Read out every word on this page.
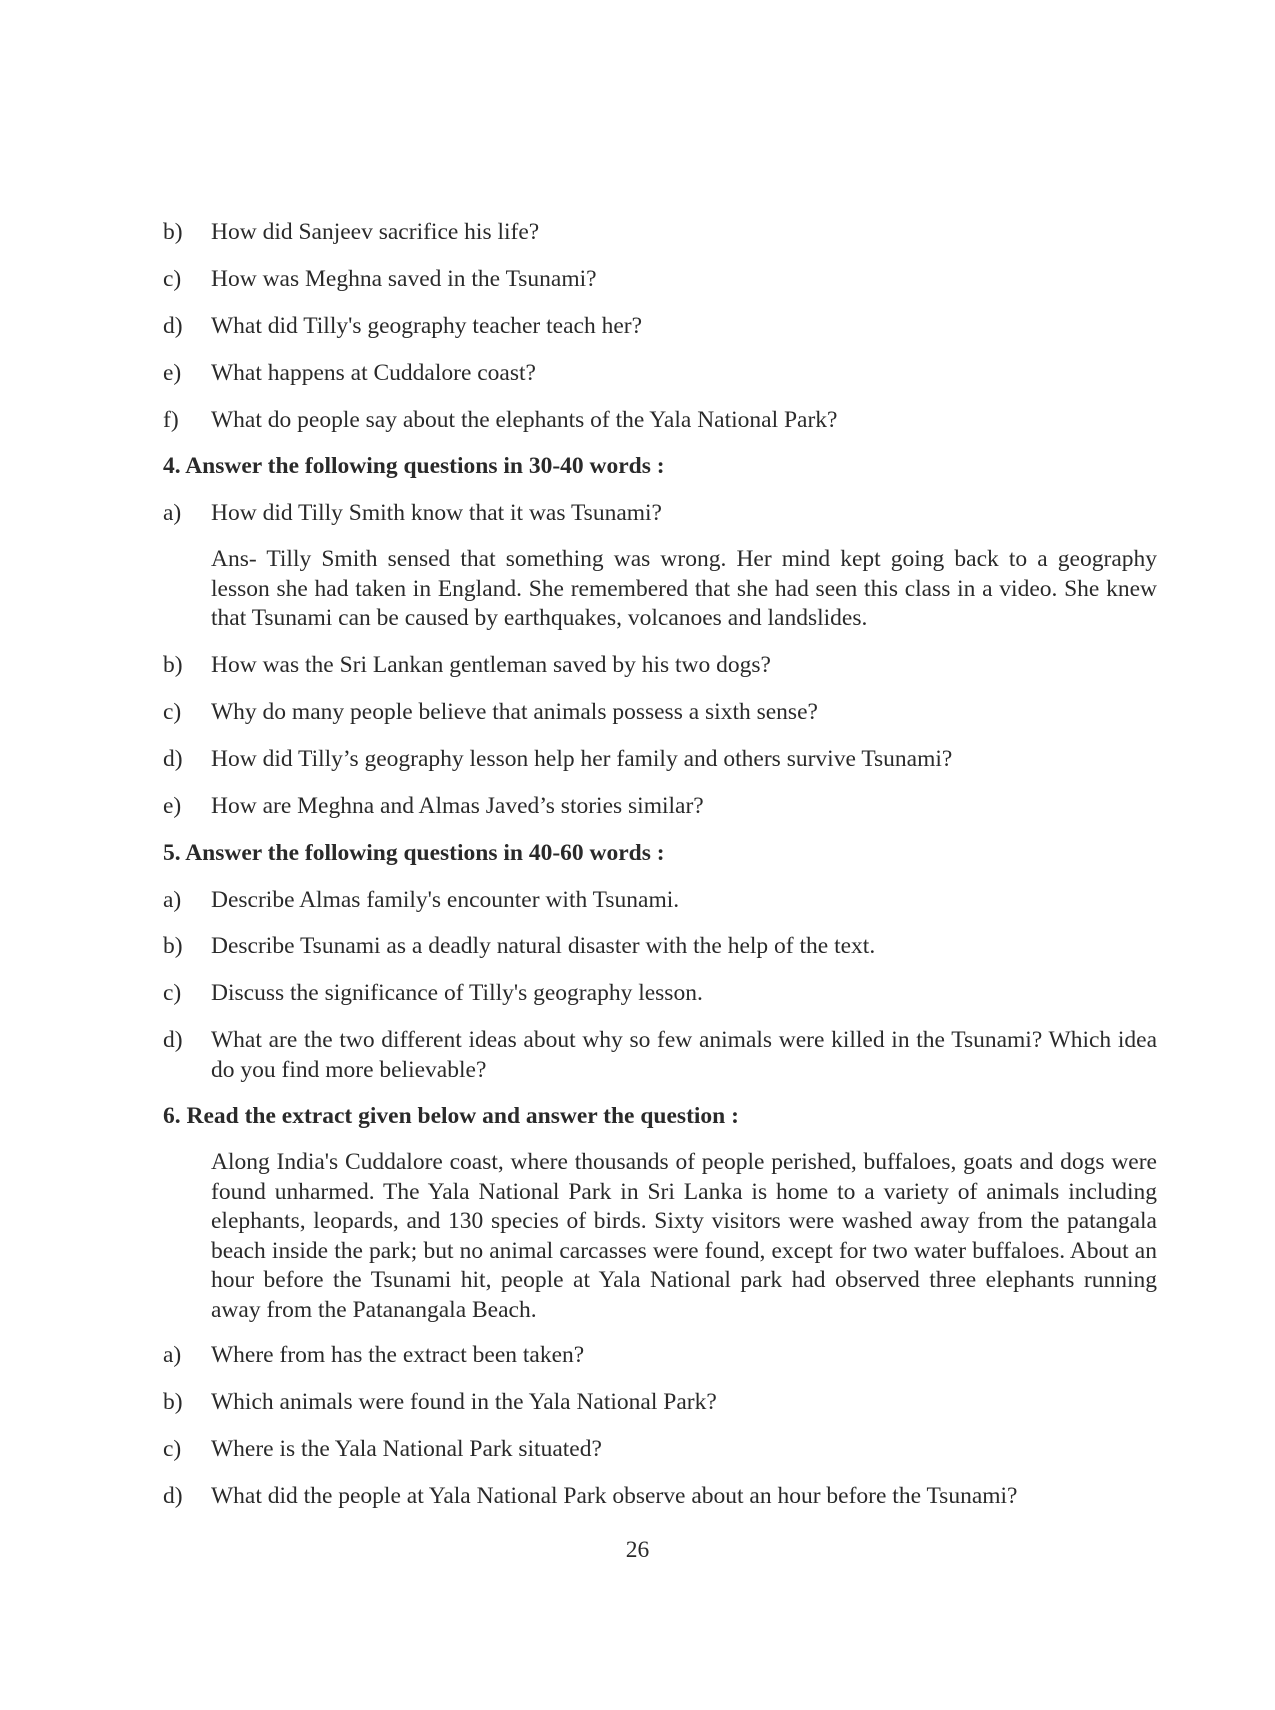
b) How did Sanjeev sacrifice his life?
c) How was Meghna saved in the Tsunami?
d) What did Tilly's geography teacher teach her?
e) What happens at Cuddalore coast?
f) What do people say about the elephants of the Yala National Park?
4. Answer the following questions in 30-40 words :
a) How did Tilly Smith know that it was Tsunami?
Ans- Tilly Smith sensed that something was wrong. Her mind kept going back to a geography lesson she had taken in England. She remembered that she had seen this class in a video. She knew that Tsunami can be caused by earthquakes, volcanoes and landslides.
b) How was the Sri Lankan gentleman saved by his two dogs?
c) Why do many people believe that animals possess a sixth sense?
d) How did Tilly’s geography lesson help her family and others survive Tsunami?
e) How are Meghna and Almas Javed’s stories similar?
5. Answer the following questions in 40-60 words :
a) Describe Almas family's encounter with Tsunami.
b) Describe Tsunami as a deadly natural disaster with the help of the text.
c) Discuss the significance of Tilly's geography lesson.
d)	What are the two different ideas about why so few animals were killed in the Tsunami? Which idea do you find more believable?
6. Read the extract given below and answer the question :
Along India's Cuddalore coast, where thousands of people perished, buffaloes, goats and dogs were found unharmed. The Yala National Park in Sri Lanka is home to a variety of animals including elephants, leopards, and 130 species of birds. Sixty visitors were washed away from the patangala beach inside the park; but no animal carcasses were found, except for two water buffaloes. About an hour before the Tsunami hit, people at Yala National park had observed three elephants running away from the Patanangala Beach.
a) Where from has the extract been taken?
b) Which animals were found in the Yala National Park?
c) Where is the Yala National Park situated?
d) What did the people at Yala National Park observe about an hour before the Tsunami?
26
